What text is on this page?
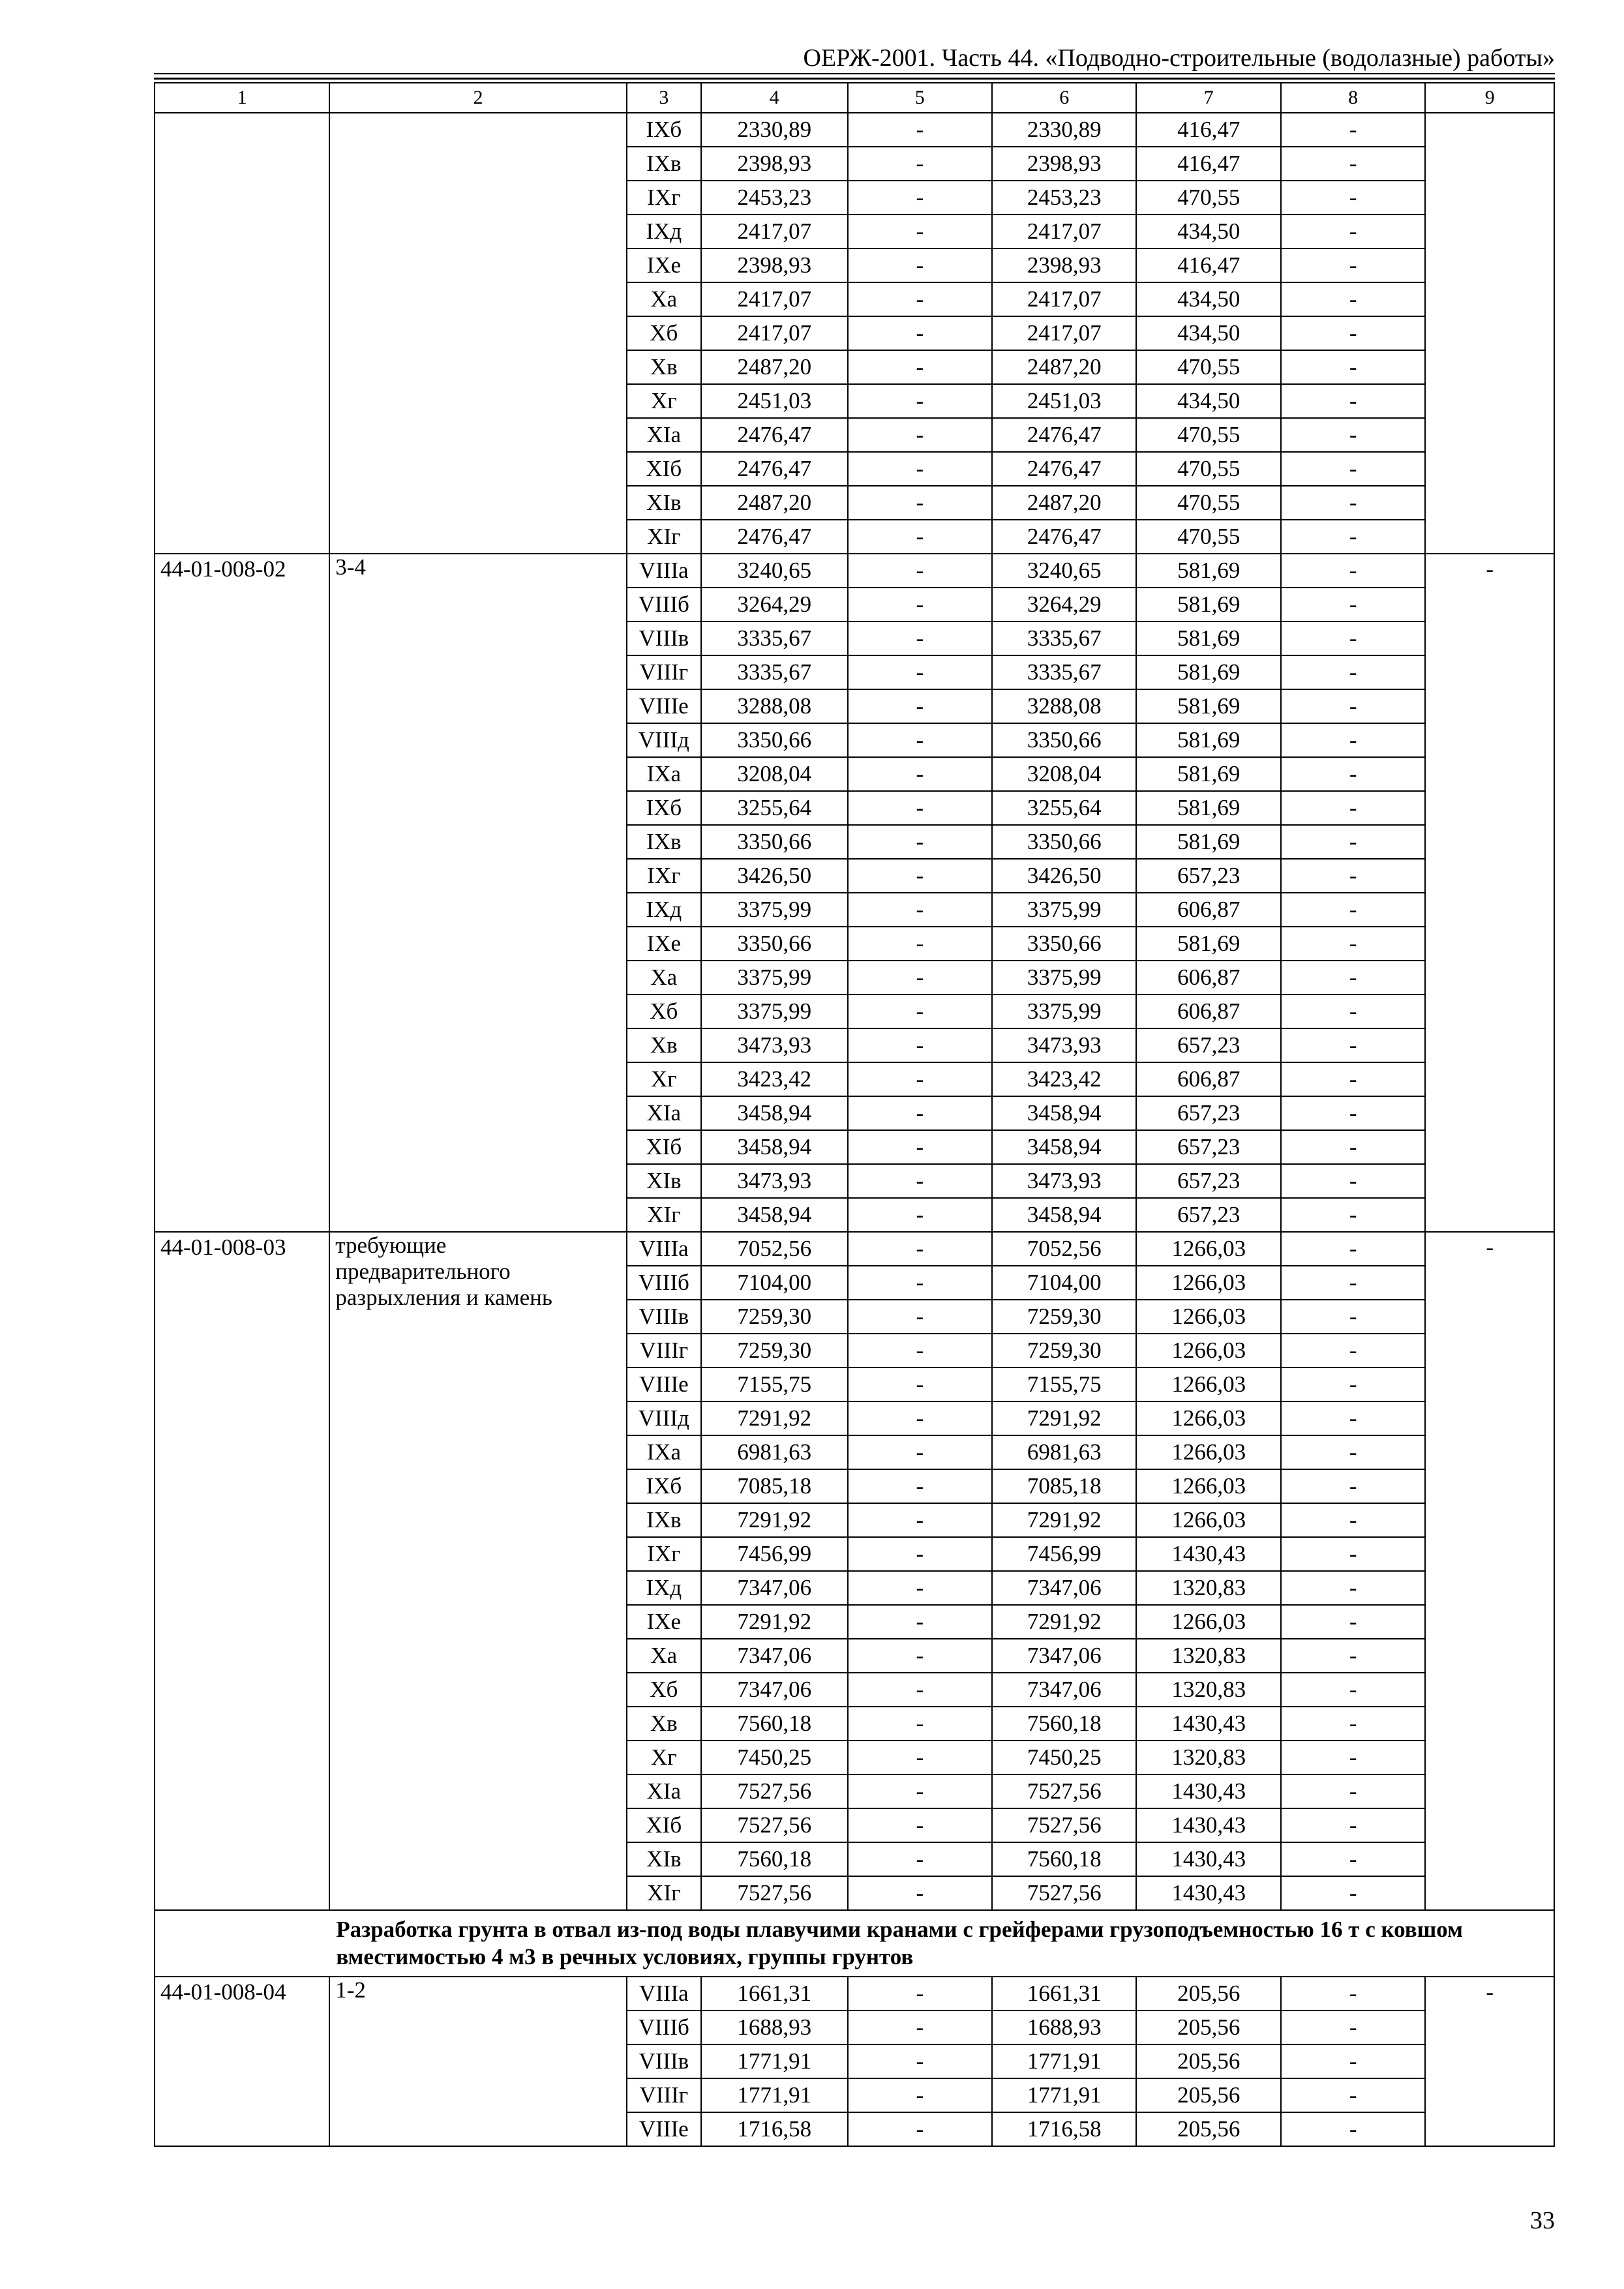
ОЕРЖ-2001. Часть 44. «Подводно-строительные (водолазные) работы»
1	2	3	4	5	6	7	8	9
		IXб	2330,89	-	2330,89	416,47	-	
		IXв	2398,93	-	2398,93	416,47	-	
		IXг	2453,23	-	2453,23	470,55	-	
		IXд	2417,07	-	2417,07	434,50	-	
		IXе	2398,93	-	2398,93	416,47	-	
		Xа	2417,07	-	2417,07	434,50	-	
		Xб	2417,07	-	2417,07	434,50	-	
		Xв	2487,20	-	2487,20	470,55	-	
		Xг	2451,03	-	2451,03	434,50	-	
		XIа	2476,47	-	2476,47	470,55	-	
		XIб	2476,47	-	2476,47	470,55	-	
		XIв	2487,20	-	2487,20	470,55	-	
		XIг	2476,47	-	2476,47	470,55	-	
44-01-008-02	3-4	VIIIа	3240,65	-	3240,65	581,69	-	-
		VIIIб	3264,29	-	3264,29	581,69	-	
		VIIIв	3335,67	-	3335,67	581,69	-	
		VIIIг	3335,67	-	3335,67	581,69	-	
		VIIIе	3288,08	-	3288,08	581,69	-	
		VIIIд	3350,66	-	3350,66	581,69	-	
		IXа	3208,04	-	3208,04	581,69	-	
		IXб	3255,64	-	3255,64	581,69	-	
		IXв	3350,66	-	3350,66	581,69	-	
		IXг	3426,50	-	3426,50	657,23	-	
		IXд	3375,99	-	3375,99	606,87	-	
		IXе	3350,66	-	3350,66	581,69	-	
		Xа	3375,99	-	3375,99	606,87	-	
		Xб	3375,99	-	3375,99	606,87	-	
		Xв	3473,93	-	3473,93	657,23	-	
		Xг	3423,42	-	3423,42	606,87	-	
		XIа	3458,94	-	3458,94	657,23	-	
		XIб	3458,94	-	3458,94	657,23	-	
		XIв	3473,93	-	3473,93	657,23	-	
		XIг	3458,94	-	3458,94	657,23	-	
44-01-008-03	требующие предварительного разрыхления и камень	VIIIа	7052,56	-	7052,56	1266,03	-	-
		VIIIб	7104,00	-	7104,00	1266,03	-	
		VIIIв	7259,30	-	7259,30	1266,03	-	
		VIIIг	7259,30	-	7259,30	1266,03	-	
		VIIIе	7155,75	-	7155,75	1266,03	-	
		VIIIд	7291,92	-	7291,92	1266,03	-	
		IXа	6981,63	-	6981,63	1266,03	-	
		IXб	7085,18	-	7085,18	1266,03	-	
		IXв	7291,92	-	7291,92	1266,03	-	
		IXг	7456,99	-	7456,99	1430,43	-	
		IXд	7347,06	-	7347,06	1320,83	-	
		IXе	7291,92	-	7291,92	1266,03	-	
		Xа	7347,06	-	7347,06	1320,83	-	
		Xб	7347,06	-	7347,06	1320,83	-	
		Xв	7560,18	-	7560,18	1430,43	-	
		Xг	7450,25	-	7450,25	1320,83	-	
		XIа	7527,56	-	7527,56	1430,43	-	
		XIб	7527,56	-	7527,56	1430,43	-	
		XIв	7560,18	-	7560,18	1430,43	-	
		XIг	7527,56	-	7527,56	1430,43	-	
	Разработка грунта в отвал из-под воды плавучими кранами с грейферами грузоподъемностью 16 т с ковшом вместимостью 4 м3 в речных условиях, группы грунтов							
44-01-008-04	1-2	VIIIа	1661,31	-	1661,31	205,56	-	-
		VIIIб	1688,93	-	1688,93	205,56	-	
		VIIIв	1771,91	-	1771,91	205,56	-	
		VIIIг	1771,91	-	1771,91	205,56	-	
		VIIIе	1716,58	-	1716,58	205,56	-	
33
